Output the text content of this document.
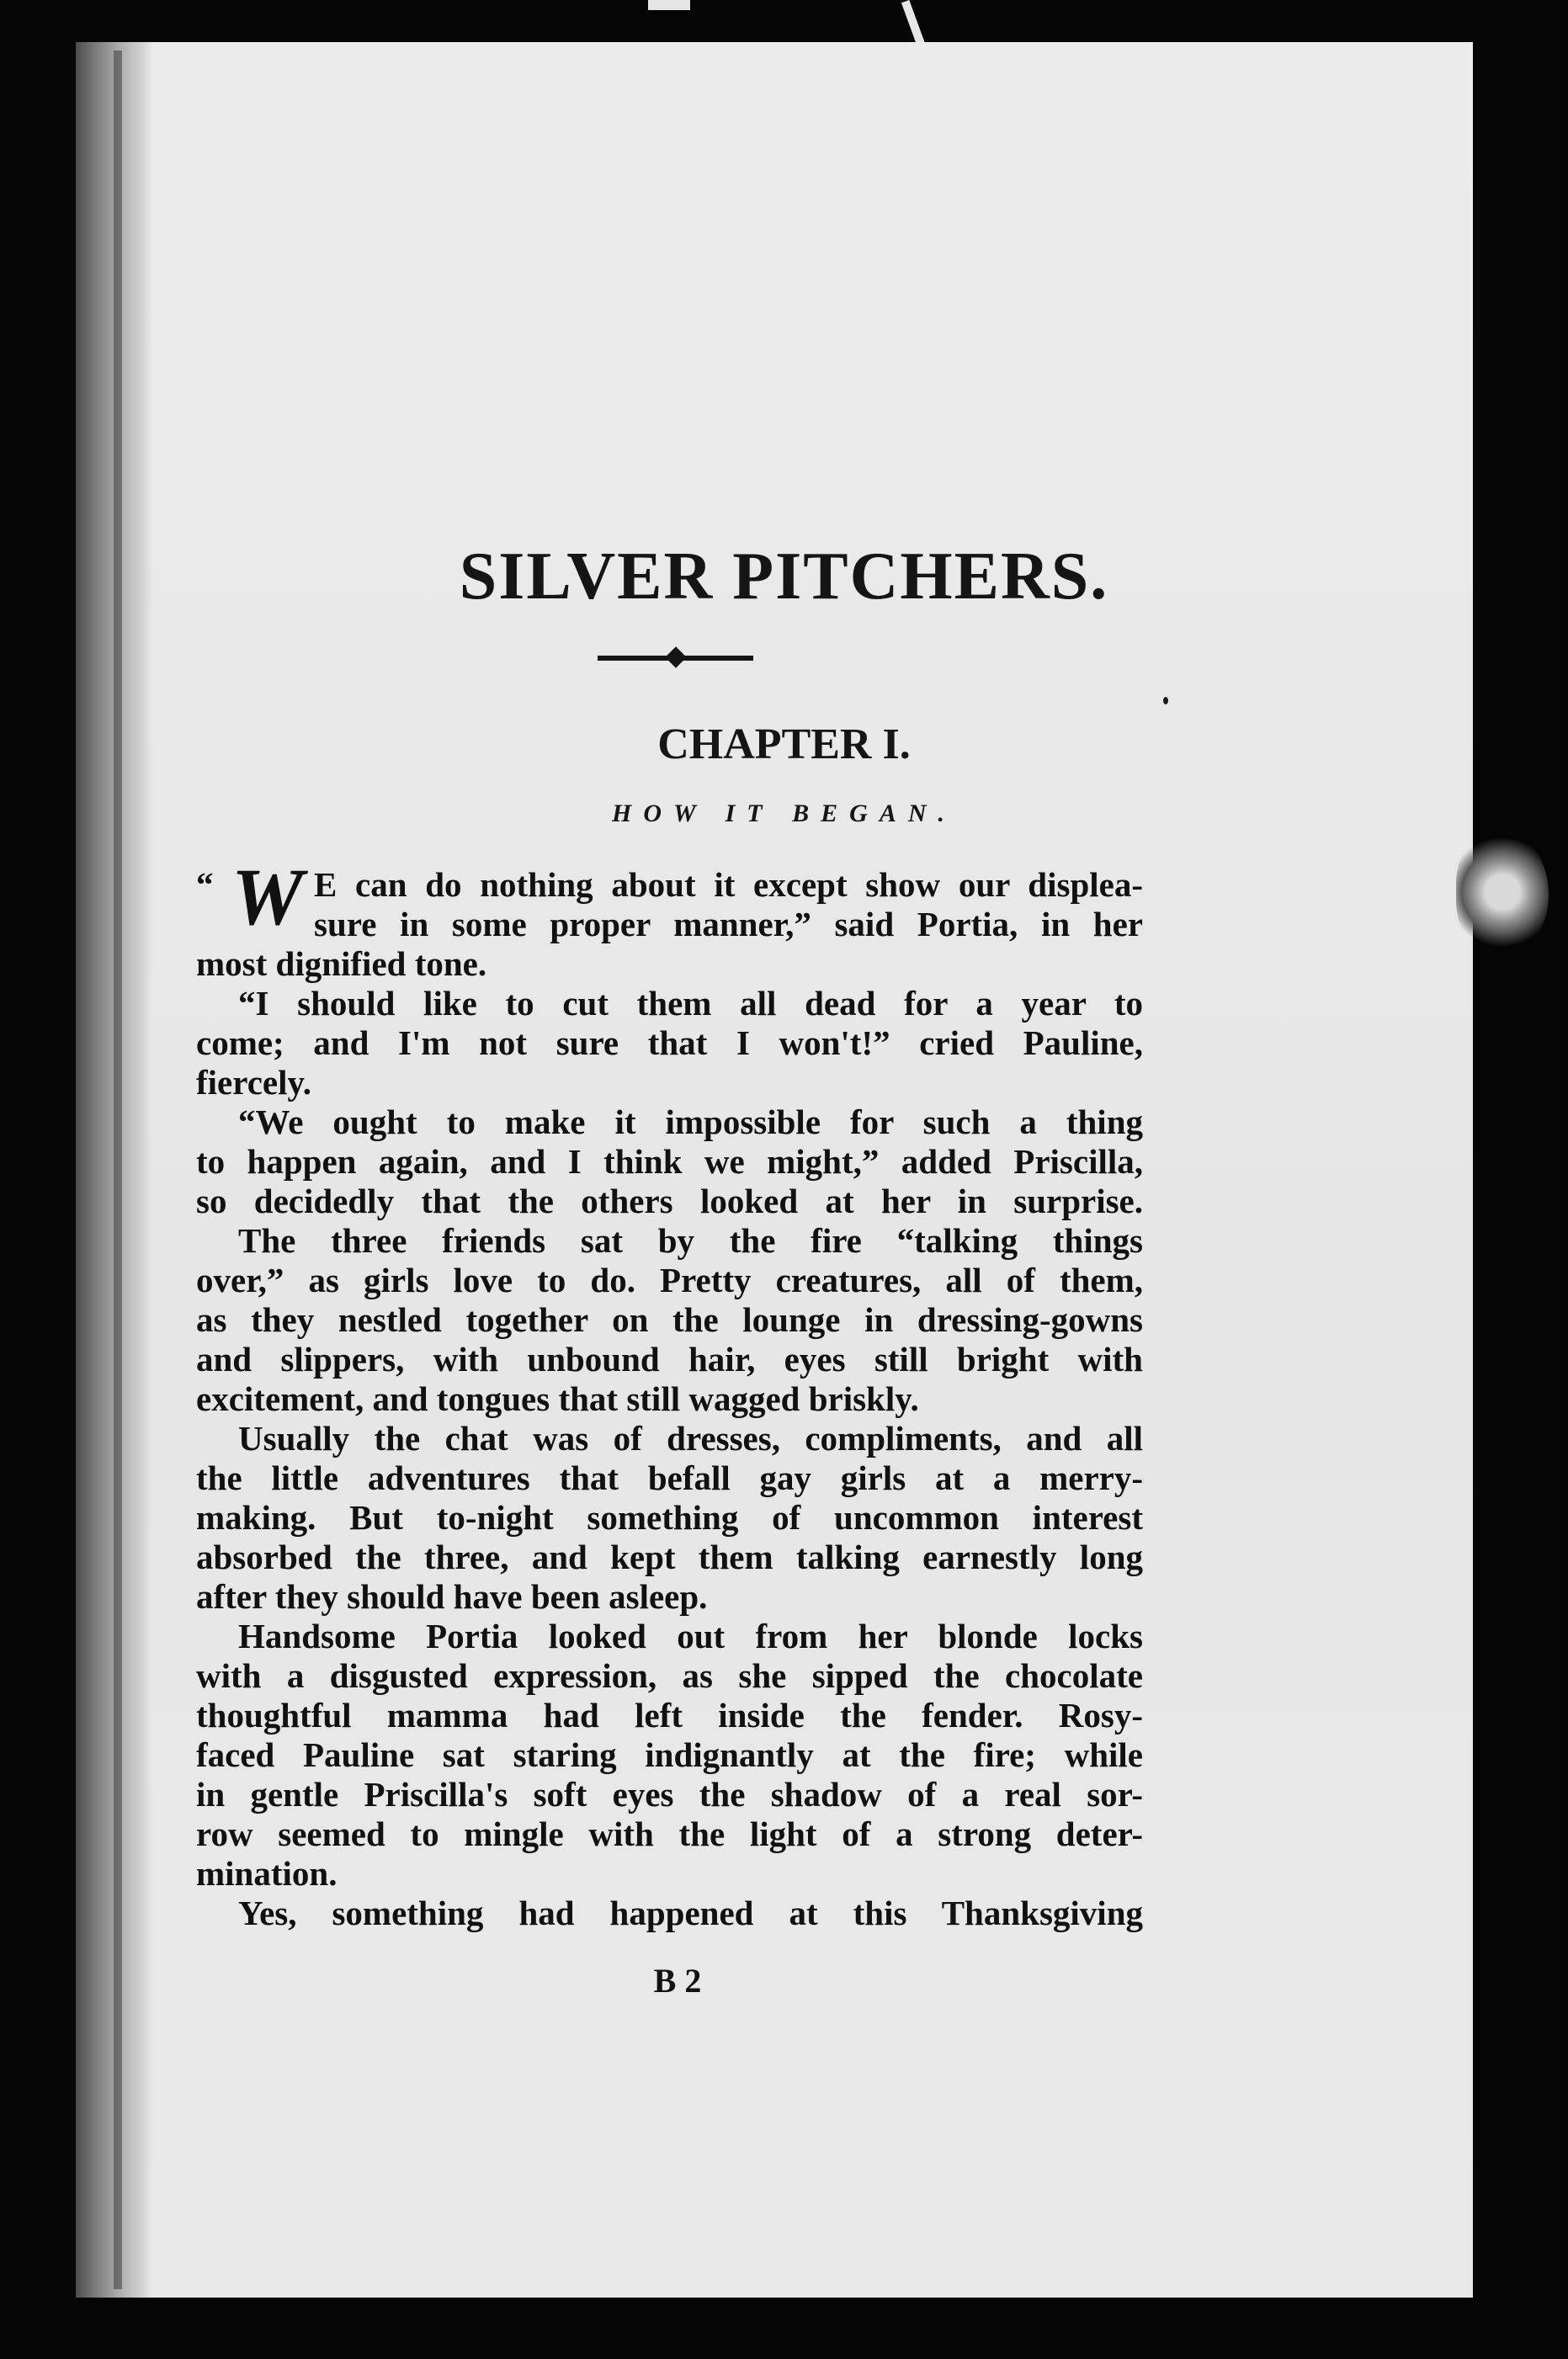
SILVER PITCHERS.
CHAPTER I.
HOW IT BEGAN.

“ W E can do nothing about it except show our displea-

sure in some proper manner,” said Portia, in her

most dignified tone.

“I should like to cut them all dead for a year to

come; and I'm not sure that I won't!” cried Pauline,

fiercely.

“We ought to make it impossible for such a thing

to happen again, and I think we might,” added Priscilla,

so decidedly that the others looked at her in surprise.

The three friends sat by the fire “talking things

over,” as girls love to do. Pretty creatures, all of them,

as they nestled together on the lounge in dressing-gowns

and slippers, with unbound hair, eyes still bright with

excitement, and tongues that still wagged briskly.

Usually the chat was of dresses, compliments, and all

the little adventures that befall gay girls at a merry-

making. But to-night something of uncommon interest

absorbed the three, and kept them talking earnestly long

after they should have been asleep.

Handsome Portia looked out from her blonde locks

with a disgusted expression, as she sipped the chocolate

thoughtful mamma had left inside the fender. Rosy-

faced Pauline sat staring indignantly at the fire; while

in gentle Priscilla's soft eyes the shadow of a real sor-

row seemed to mingle with the light of a strong deter-

mination.

Yes, something had happened at this Thanksgiving

B 2
